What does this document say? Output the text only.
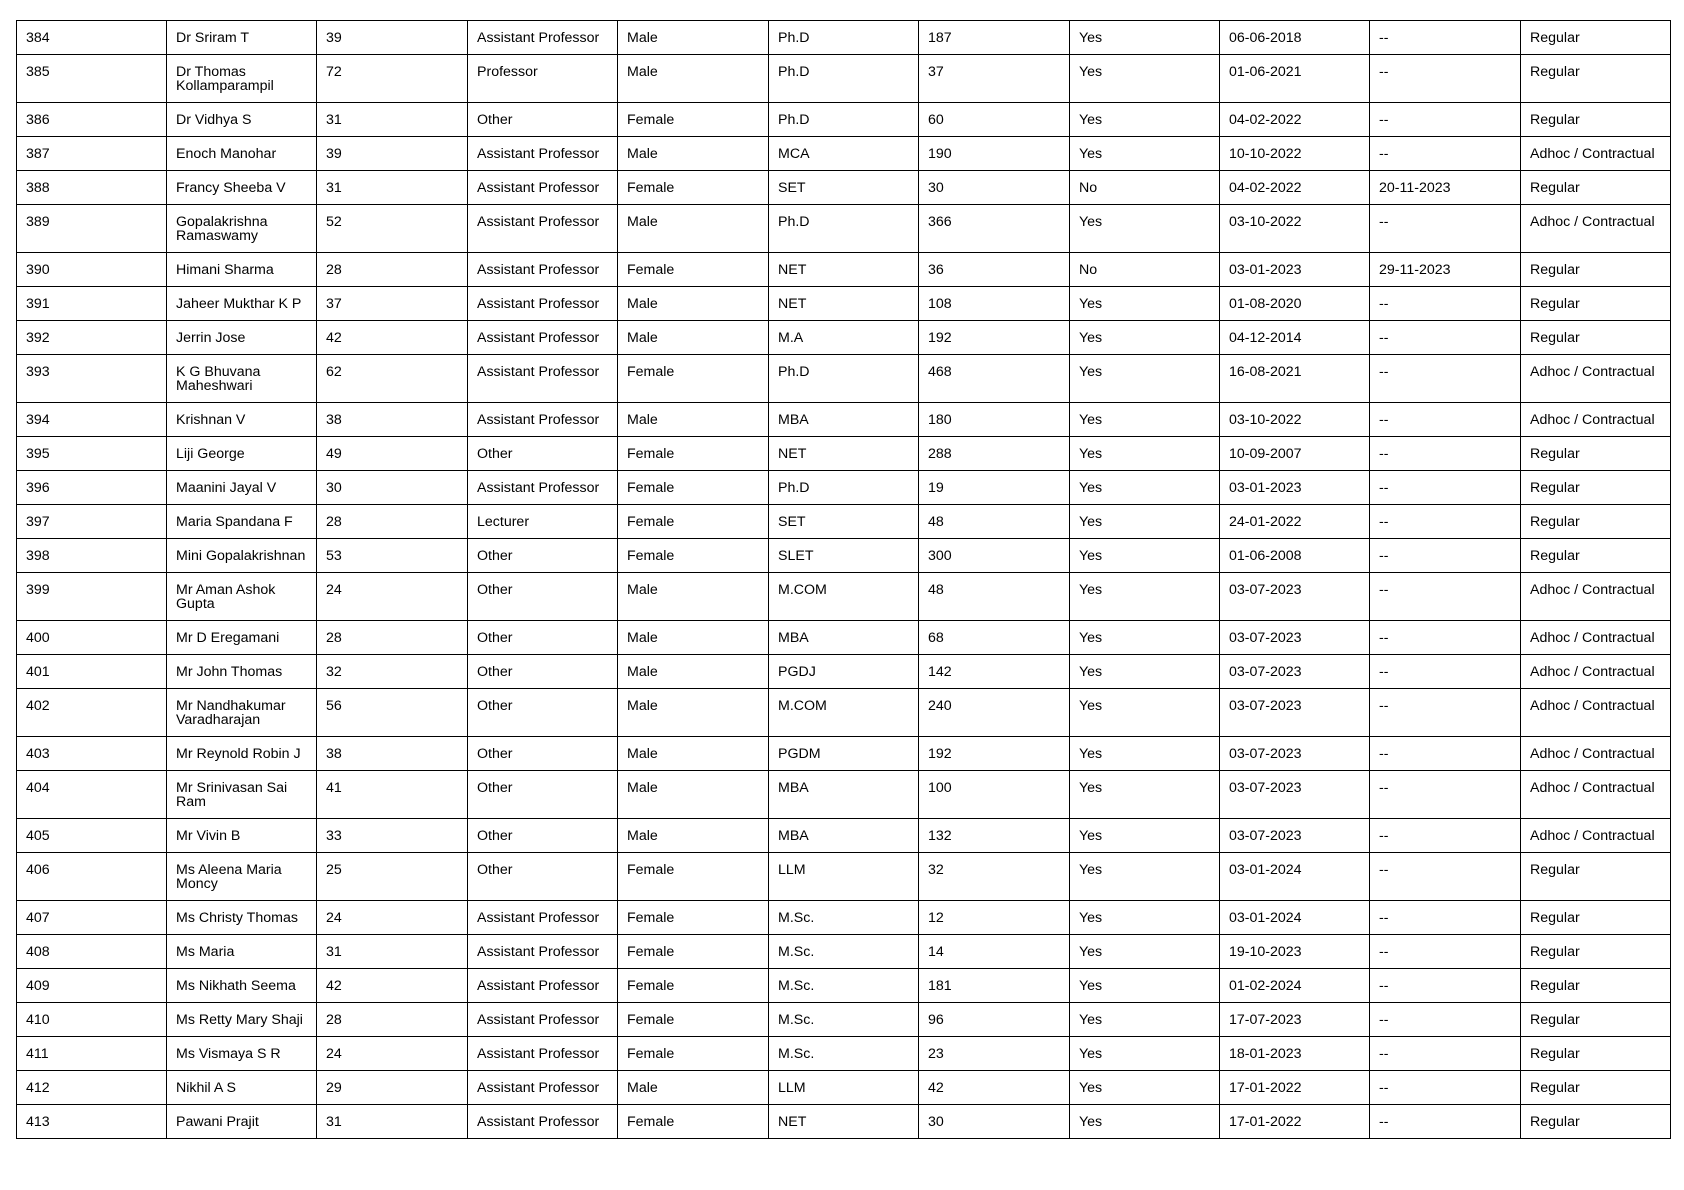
384	Dr Sriram T	39	Assistant Professor	Male	Ph.D	187	Yes	06-06-2018	--	Regular
385	Dr Thomas Kollamparampil	72	Professor	Male	Ph.D	37	Yes	01-06-2021	--	Regular
386	Dr Vidhya S	31	Other	Female	Ph.D	60	Yes	04-02-2022	--	Regular
387	Enoch Manohar	39	Assistant Professor	Male	MCA	190	Yes	10-10-2022	--	Adhoc / Contractual
388	Francy Sheeba V	31	Assistant Professor	Female	SET	30	No	04-02-2022	20-11-2023	Regular
389	Gopalakrishna Ramaswamy	52	Assistant Professor	Male	Ph.D	366	Yes	03-10-2022	--	Adhoc / Contractual
390	Himani Sharma	28	Assistant Professor	Female	NET	36	No	03-01-2023	29-11-2023	Regular
391	Jaheer Mukthar K P	37	Assistant Professor	Male	NET	108	Yes	01-08-2020	--	Regular
392	Jerrin Jose	42	Assistant Professor	Male	M.A	192	Yes	04-12-2014	--	Regular
393	K G Bhuvana Maheshwari	62	Assistant Professor	Female	Ph.D	468	Yes	16-08-2021	--	Adhoc / Contractual
394	Krishnan V	38	Assistant Professor	Male	MBA	180	Yes	03-10-2022	--	Adhoc / Contractual
395	Liji George	49	Other	Female	NET	288	Yes	10-09-2007	--	Regular
396	Maanini Jayal V	30	Assistant Professor	Female	Ph.D	19	Yes	03-01-2023	--	Regular
397	Maria Spandana F	28	Lecturer	Female	SET	48	Yes	24-01-2022	--	Regular
398	Mini Gopalakrishnan	53	Other	Female	SLET	300	Yes	01-06-2008	--	Regular
399	Mr Aman Ashok Gupta	24	Other	Male	M.COM	48	Yes	03-07-2023	--	Adhoc / Contractual
400	Mr D Eregamani	28	Other	Male	MBA	68	Yes	03-07-2023	--	Adhoc / Contractual
401	Mr John Thomas	32	Other	Male	PGDJ	142	Yes	03-07-2023	--	Adhoc / Contractual
402	Mr Nandhakumar Varadharajan	56	Other	Male	M.COM	240	Yes	03-07-2023	--	Adhoc / Contractual
403	Mr Reynold Robin J	38	Other	Male	PGDM	192	Yes	03-07-2023	--	Adhoc / Contractual
404	Mr Srinivasan Sai Ram	41	Other	Male	MBA	100	Yes	03-07-2023	--	Adhoc / Contractual
405	Mr Vivin B	33	Other	Male	MBA	132	Yes	03-07-2023	--	Adhoc / Contractual
406	Ms Aleena Maria Moncy	25	Other	Female	LLM	32	Yes	03-01-2024	--	Regular
407	Ms Christy Thomas	24	Assistant Professor	Female	M.Sc.	12	Yes	03-01-2024	--	Regular
408	Ms Maria	31	Assistant Professor	Female	M.Sc.	14	Yes	19-10-2023	--	Regular
409	Ms Nikhath Seema	42	Assistant Professor	Female	M.Sc.	181	Yes	01-02-2024	--	Regular
410	Ms Retty Mary Shaji	28	Assistant Professor	Female	M.Sc.	96	Yes	17-07-2023	--	Regular
411	Ms Vismaya S R	24	Assistant Professor	Female	M.Sc.	23	Yes	18-01-2023	--	Regular
412	Nikhil A S	29	Assistant Professor	Male	LLM	42	Yes	17-01-2022	--	Regular
413	Pawani Prajit	31	Assistant Professor	Female	NET	30	Yes	17-01-2022	--	Regular
